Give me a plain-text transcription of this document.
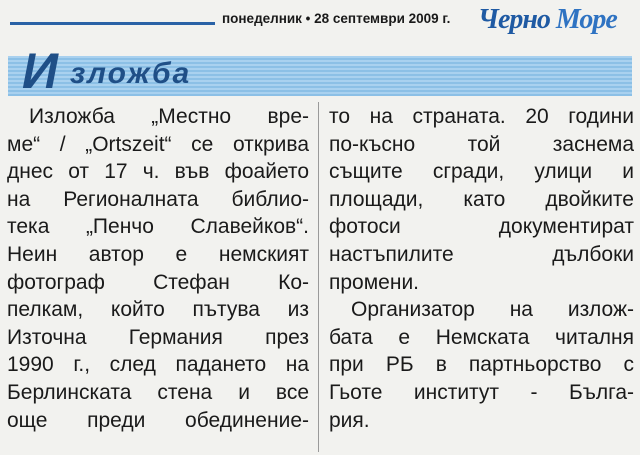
понеделник • 28 септември 2009 г. Черно Море
И зложба
Изложба „Местно вре-
ме“ / „Ortszeit“ се открива
днес от 17 ч. във фоайето
на Регионалната библио-
тека „Пенчо Славейков“.
Неин автор е немският
фотограф Стефан Ко-
пелкам, който пътува из
Източна Германия през
1990 г., след падането на
Берлинската стена и все
още преди обединение-
то на страната. 20 години
по-късно той заснема
същите сгради, улици и
площади, като двойките
фотоси документират
настъпилите дълбоки
промени.
Организатор на излож-
бата е Немската читалня
при РБ в партньорство с
Гьоте институт - Бълга-
рия.
